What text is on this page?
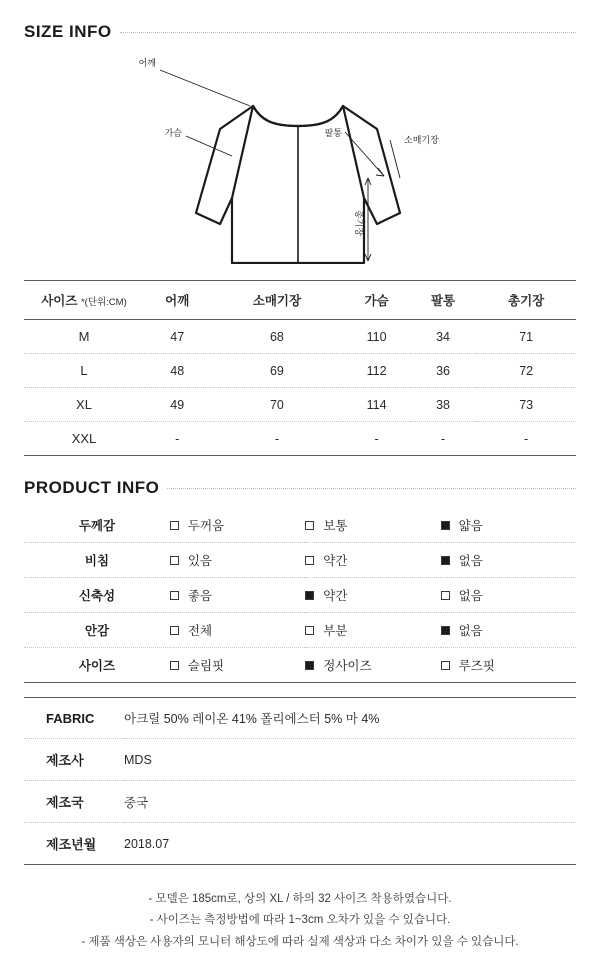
SIZE INFO
어깨
가슴	팔통
소매기장
총기장
사이즈 *(단위:CM)	어깨	소매기장	가슴	팔통	총기장
M	47	68	110	34	71
L	48	69	112	36	72
XL	49	70	114	38	73
XXL	-	-	-	-	-
PRODUCT INFO
두께감	두꺼움	보통	얇음

비침	있음	약간	없음

신축성	좋음	약간	없음

안감	전체	부분	없음

사이즈	슬림핏	정사이즈	루즈핏
FABRIC	아크릴 50% 레이온 41% 폴리에스터 5% 마 4%
제조사	MDS
제조국	중국
제조년월	2018.07
- 모델은 185cm로, 상의 XL / 하의 32 사이즈 착용하였습니다.
- 사이즈는 측정방법에 따라 1~3cm 오차가 있을 수 있습니다.
- 제품 색상은 사용자의 모니터 해상도에 따라 실제 색상과 다소 차이가 있을 수 있습니다.
